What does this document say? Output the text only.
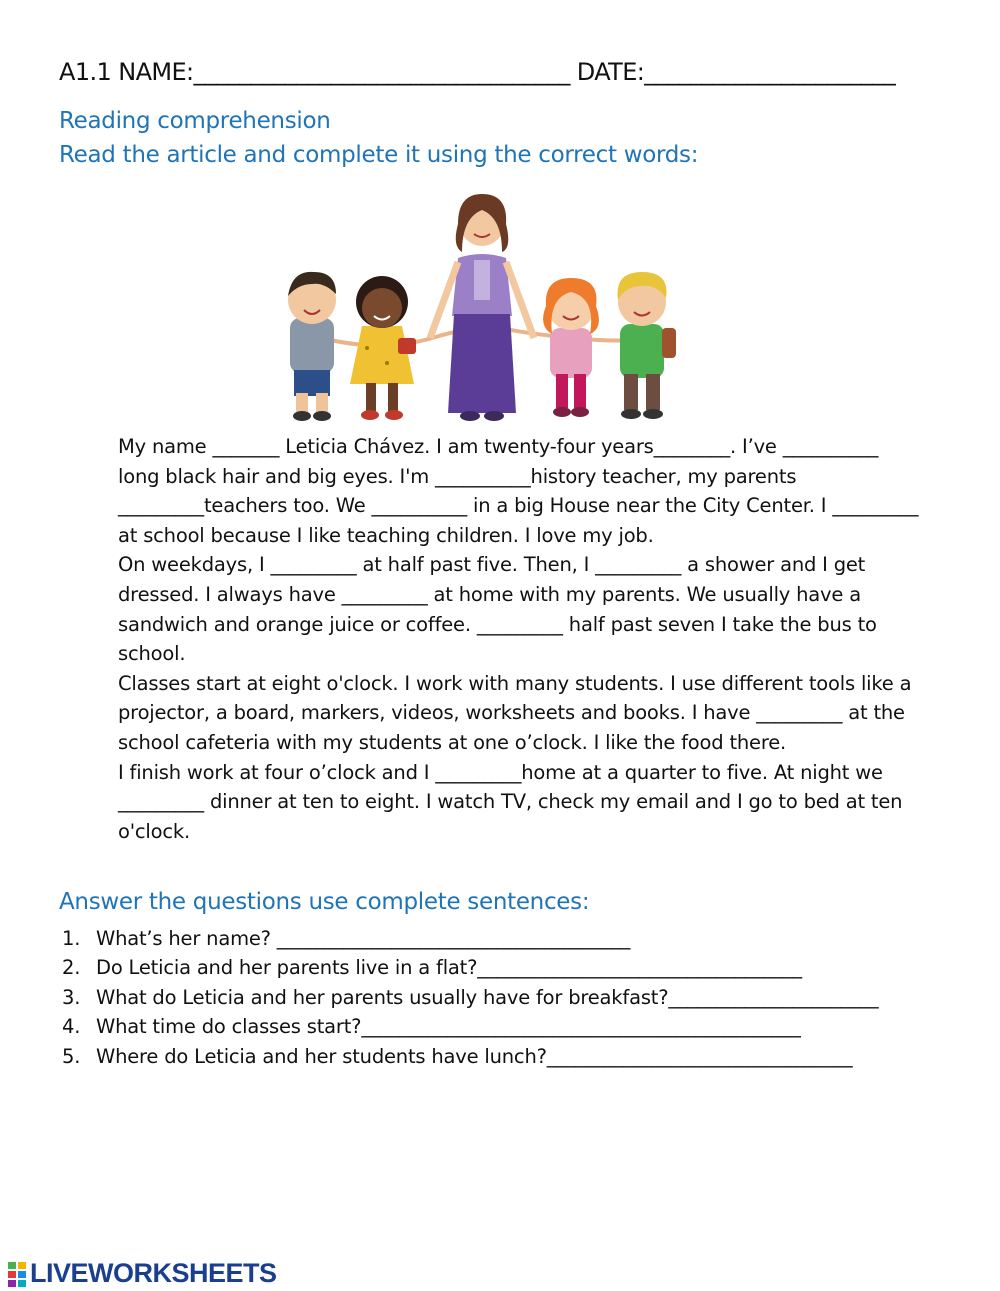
A1.1 NAME:_________________________________ DATE:______________________
Reading comprehension
Read the article and complete it using the correct words:
My name _______ Leticia Chávez. I am twenty-four years________. I’ve __________
long black hair and big eyes. I'm __________history teacher, my parents
_________teachers too. We __________ in a big House near the City Center. I _________
at school because I like teaching children. I love my job.
On weekdays, I _________ at half past five. Then, I _________ a shower and I get
dressed. I always have _________ at home with my parents. We usually have a
sandwich and orange juice or coffee. _________ half past seven I take the bus to
school.
Classes start at eight o'clock. I work with many students. I use different tools like a
projector, a board, markers, videos, worksheets and books. I have _________ at the
school cafeteria with my students at one o’clock. I like the food there.
I finish work at four o’clock and I _________home at a quarter to five. At night we
_________ dinner at ten to eight. I watch TV, check my email and I go to bed at ten
o'clock.
Answer the questions use complete sentences:
1. What’s her name? _____________________________________
2. Do Leticia and her parents live in a flat?__________________________________
3. What do Leticia and her parents usually have for breakfast?______________________
4. What time do classes start?______________________________________________
5. Where do Leticia and her students have lunch?________________________________
LIVEWORKSHEETS
